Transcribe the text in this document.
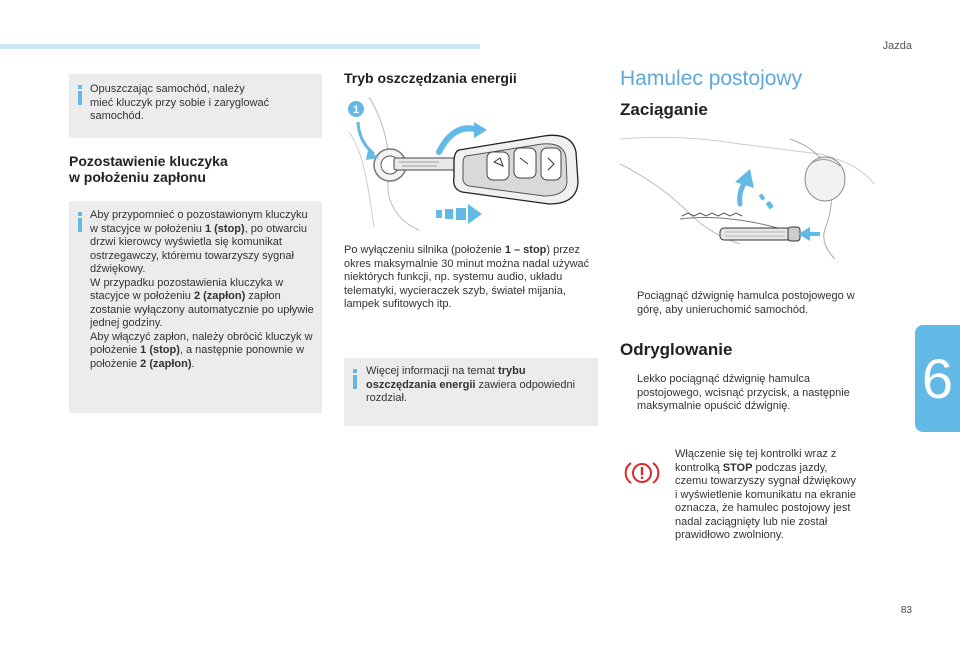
Jazda

Opuszczając samochód, należy mieć kluczyk przy sobie i zaryglować samochód.

Pozostawienie kluczyka
w położeniu zapłonu

Aby przypomnieć o pozostawionym kluczyku w stacyjce w położeniu 1 (stop), po otwarciu drzwi kierowcy wyświetla się komunikat ostrzegawczy, któremu towarzyszy sygnał dźwiękowy.
W przypadku pozostawienia kluczyka w stacyjce w położeniu 2 (zapłon) zapłon zostanie wyłączony automatycznie po upływie jednej godziny.
Aby włączyć zapłon, należy obrócić kluczyk w położenie 1 (stop), a następnie ponownie w położenie 2 (zapłon).

Tryb oszczędzania energii
1

Po wyłączeniu silnika (położenie 1 – stop) przez okres maksymalnie 30 minut można nadal używać niektórych funkcji, np. systemu audio, układu telematyki, wycieraczek szyb, świateł mijania, lampek sufitowych itp.

Więcej informacji na temat trybu oszczędzania energii zawiera odpowiedni rozdział.

Hamulec postojowy
Zaciąganie
Pociągnąć dźwignię hamulca postojowego w górę, aby unieruchomić samochód.
Odryglowanie
Lekko pociągnąć dźwignię hamulca postojowego, wcisnąć przycisk, a następnie maksymalnie opuścić dźwignię.

Włączenie się tej kontrolki wraz z kontrolką STOP podczas jazdy, czemu towarzyszy sygnał dźwiękowy i wyświetlenie komunikatu na ekranie oznacza, że hamulec postojowy jest nadal zaciągnięty lub nie został prawidłowo zwolniony.

6
83
